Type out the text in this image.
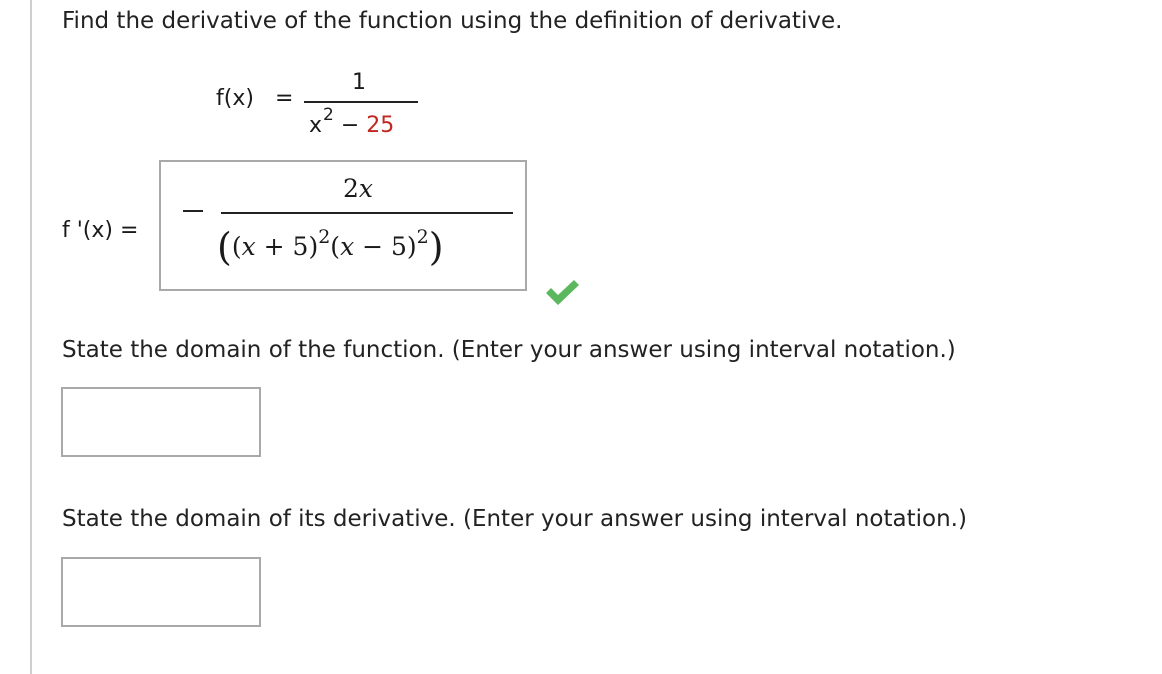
Find the derivative of the function using the definition of derivative.
f(x) =
1
$x^2 - 25$
f '(x) =
2x
$((x + 5)^2(x - 5)^2)$
State the domain of the function. (Enter your answer using interval notation.)
State the domain of its derivative. (Enter your answer using interval notation.)
